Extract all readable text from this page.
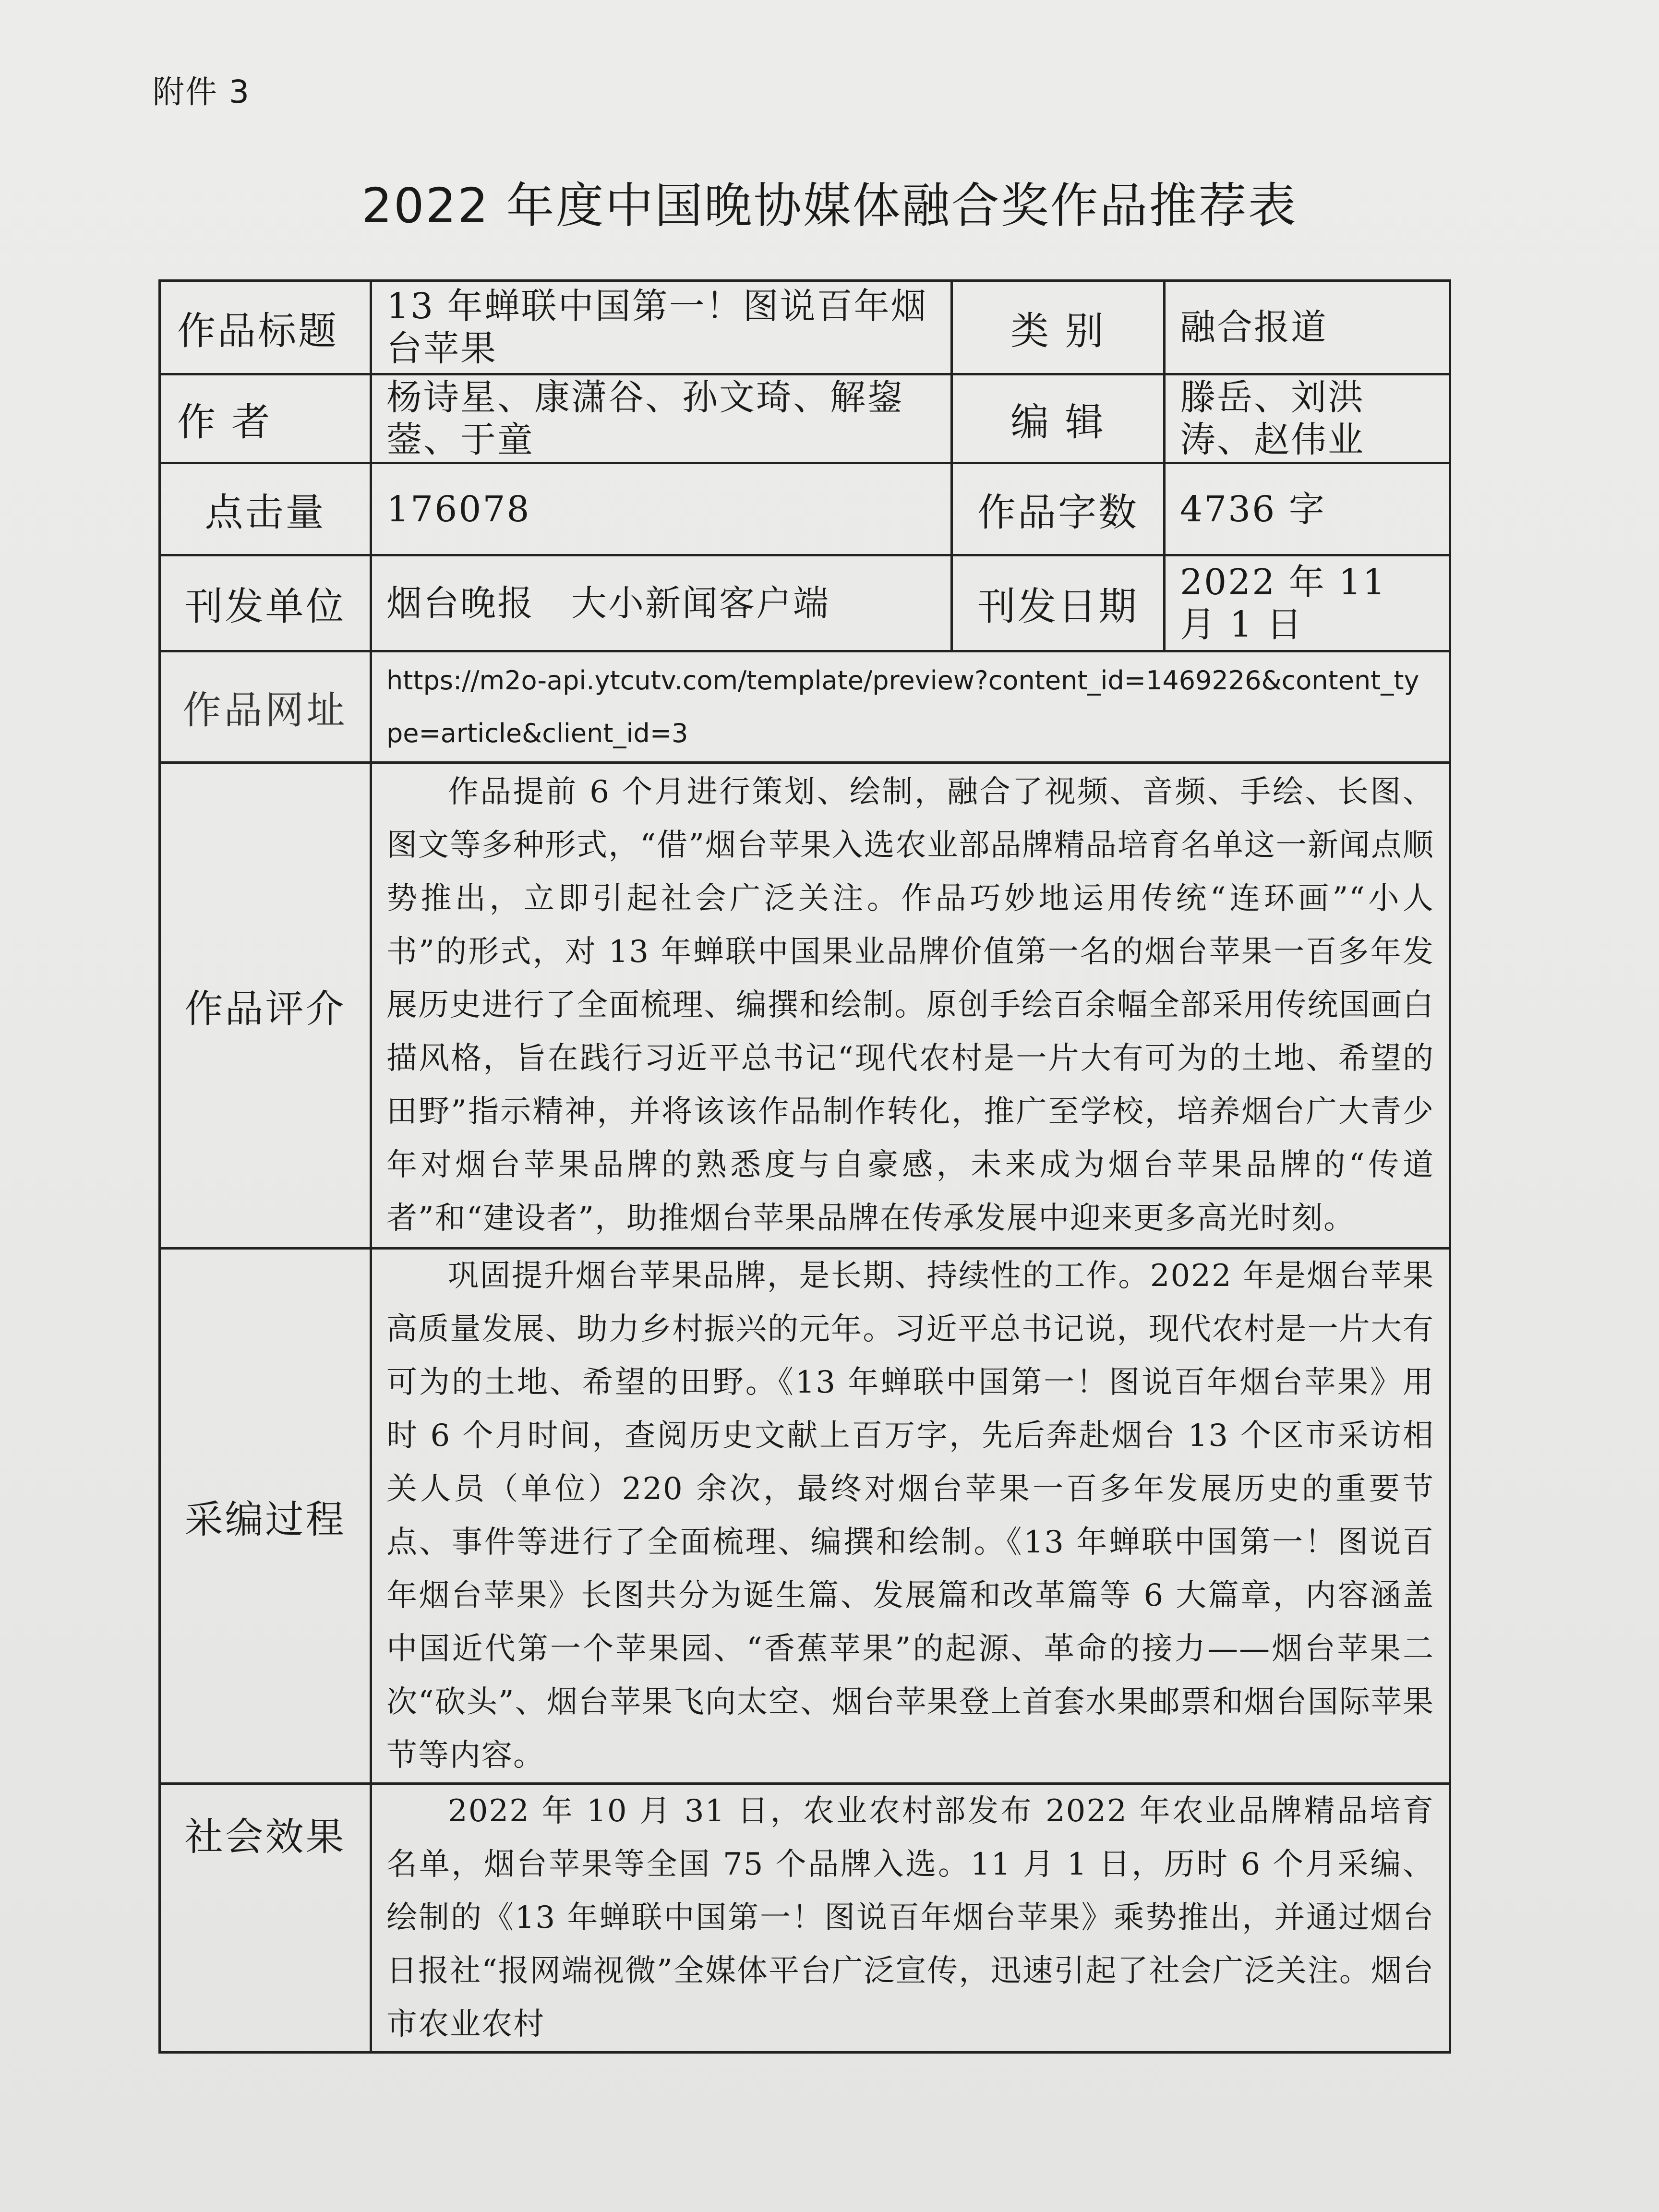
附件 3
2022 年度中国晚协媒体融合奖作品推荐表
作品标题	13 年蝉联中国第一！图说百年烟台苹果	类 别	融合报道
作 者	杨诗星、康潇谷、孙文琦、解鋆蓥、于童	编 辑	滕岳、刘洪涛、赵伟业
点击量	176078	作品字数	4736 字
刊发单位	烟台晚报　大小新闻客户端	刊发日期	2022 年 11 月 1 日
作品网址	https://m2o-api.ytcutv.com/template/preview?content_id=1469226&content_type=article&client_id=3		
作品评介	作品提前 6 个月进行策划、绘制，融合了视频、音频、手绘、长图、图文等多种形式，“借”烟台苹果入选农业部品牌精品培育名单这一新闻点顺势推出，立即引起社会广泛关注。作品巧妙地运用传统“连环画”“小人书”的形式，对 13 年蝉联中国果业品牌价值第一名的烟台苹果一百多年发展历史进行了全面梳理、编撰和绘制。原创手绘百余幅全部采用传统国画白描风格，旨在践行习近平总书记“现代农村是一片大有可为的土地、希望的田野”指示精神，并将该该作品制作转化，推广至学校，培养烟台广大青少年对烟台苹果品牌的熟悉度与自豪感，未来成为烟台苹果品牌的“传道者”和“建设者”，助推烟台苹果品牌在传承发展中迎来更多高光时刻。		
采编过程	巩固提升烟台苹果品牌，是长期、持续性的工作。2022 年是烟台苹果高质量发展、助力乡村振兴的元年。习近平总书记说，现代农村是一片大有可为的土地、希望的田野。《13 年蝉联中国第一！图说百年烟台苹果》用时 6 个月时间，查阅历史文献上百万字，先后奔赴烟台 13 个区市采访相关人员（单位）220 余次，最终对烟台苹果一百多年发展历史的重要节点、事件等进行了全面梳理、编撰和绘制。《13 年蝉联中国第一！图说百年烟台苹果》长图共分为诞生篇、发展篇和改革篇等 6 大篇章，内容涵盖中国近代第一个苹果园、“香蕉苹果”的起源、革命的接力——烟台苹果二次“砍头”、烟台苹果飞向太空、烟台苹果登上首套水果邮票和烟台国际苹果节等内容。		
社会效果	2022 年 10 月 31 日，农业农村部发布 2022 年农业品牌精品培育名单，烟台苹果等全国 75 个品牌入选。11 月 1 日，历时 6 个月采编、绘制的《13 年蝉联中国第一！图说百年烟台苹果》乘势推出，并通过烟台日报社“报网端视微”全媒体平台广泛宣传，迅速引起了社会广泛关注。烟台市农业农村		
